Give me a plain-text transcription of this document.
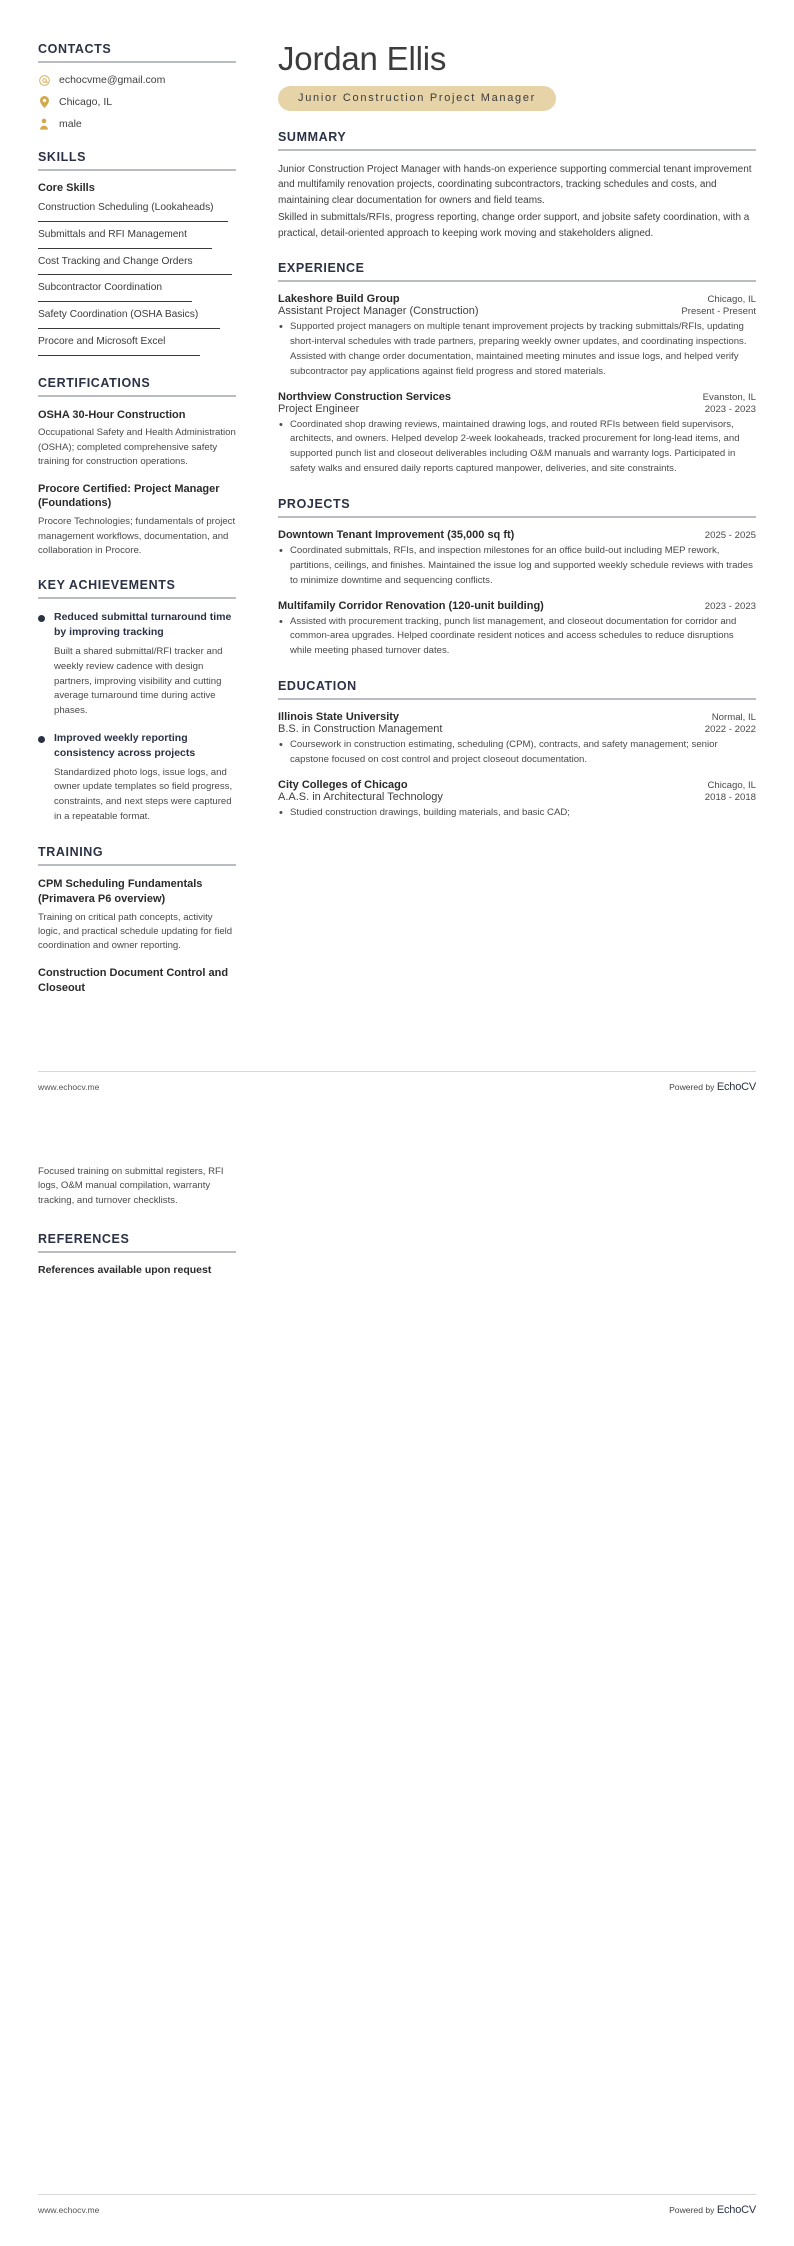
CONTACTS
echocvme@gmail.com
Chicago, IL
male
SKILLS
Core Skills
Construction Scheduling (Lookaheads)
Submittals and RFI Management
Cost Tracking and Change Orders
Subcontractor Coordination
Safety Coordination (OSHA Basics)
Procore and Microsoft Excel
CERTIFICATIONS
OSHA 30-Hour Construction
Occupational Safety and Health Administration (OSHA); completed comprehensive safety training for construction operations.
Procore Certified: Project Manager (Foundations)
Procore Technologies; fundamentals of project management workflows, documentation, and collaboration in Procore.
KEY ACHIEVEMENTS
Reduced submittal turnaround time by improving tracking
Built a shared submittal/RFI tracker and weekly review cadence with design partners, improving visibility and cutting average turnaround time during active phases.
Improved weekly reporting consistency across projects
Standardized photo logs, issue logs, and owner update templates so field progress, constraints, and next steps were captured in a repeatable format.
TRAINING
CPM Scheduling Fundamentals (Primavera P6 overview)
Training on critical path concepts, activity logic, and practical schedule updating for field coordination and owner reporting.
Construction Document Control and Closeout
Jordan Ellis
Junior Construction Project Manager
SUMMARY

Junior Construction Project Manager with hands-on experience supporting commercial tenant improvement and multifamily renovation projects, coordinating subcontractors, tracking schedules and costs, and maintaining clear documentation for owners and field teams.

Skilled in submittals/RFIs, progress reporting, change order support, and jobsite safety coordination, with a practical, detail-oriented approach to keeping work moving and stakeholders aligned.

EXPERIENCE
Lakeshore Build Group	Chicago, IL
Assistant Project Manager (Construction)	Present - Present
• Supported project managers on multiple tenant improvement projects by tracking submittals/RFIs, updating short-interval schedules with trade partners, preparing weekly owner updates, and coordinating inspections. Assisted with change order documentation, maintained meeting minutes and issue logs, and helped verify subcontractor pay applications against field progress and stored materials.
Northview Construction Services	Evanston, IL
Project Engineer	2023 - 2023
• Coordinated shop drawing reviews, maintained drawing logs, and routed RFIs between field supervisors, architects, and owners. Helped develop 2-week lookaheads, tracked procurement for long-lead items, and supported punch list and closeout deliverables including O&M manuals and warranty logs. Participated in safety walks and ensured daily reports captured manpower, deliveries, and site constraints.
PROJECTS
Downtown Tenant Improvement (35,000 sq ft)	2025 - 2025
• Coordinated submittals, RFIs, and inspection milestones for an office build-out including MEP rework, partitions, ceilings, and finishes. Maintained the issue log and supported weekly schedule reviews with trades to minimize downtime and sequencing conflicts.
Multifamily Corridor Renovation (120-unit building)	2023 - 2023
• Assisted with procurement tracking, punch list management, and closeout documentation for corridor and common-area upgrades. Helped coordinate resident notices and access schedules to reduce disruptions while meeting phased turnover dates.
EDUCATION
Illinois State University	Normal, IL
B.S. in Construction Management	2022 - 2022
• Coursework in construction estimating, scheduling (CPM), contracts, and safety management; senior capstone focused on cost control and project closeout documentation.
City Colleges of Chicago	Chicago, IL
A.A.S. in Architectural Technology	2018 - 2018
• Studied construction drawings, building materials, and basic CAD;
www.echocv.me	Powered by EchoCV
Focused training on submittal registers, RFI logs, O&M manual compilation, warranty tracking, and turnover checklists.
REFERENCES
References available upon request
www.echocv.me	Powered by EchoCV
